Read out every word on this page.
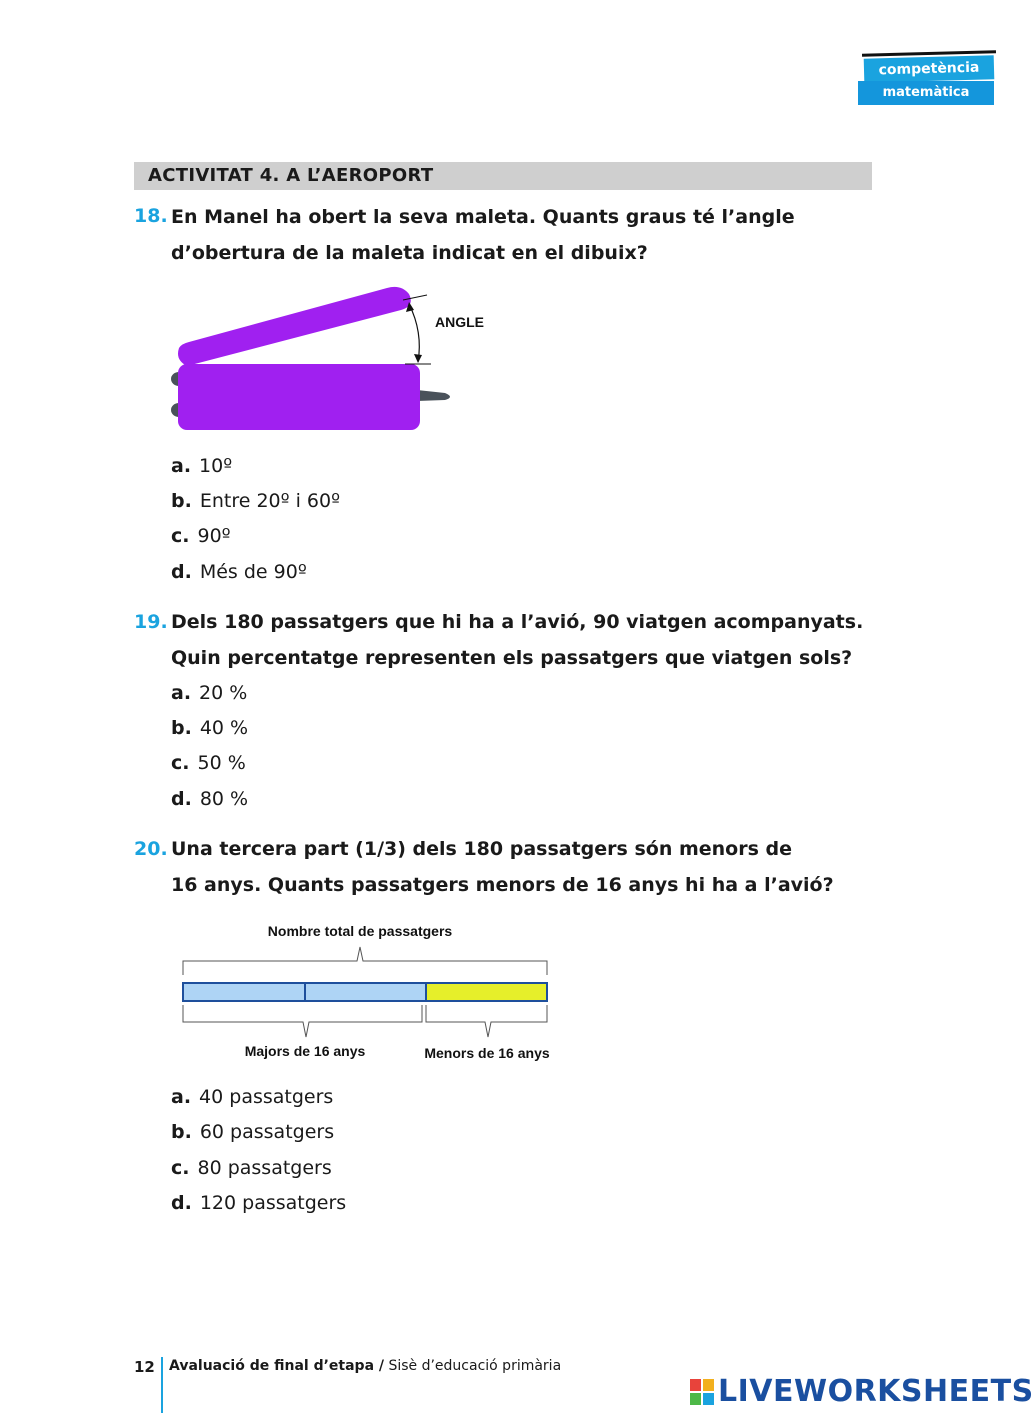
competència
matemàtica
ACTIVITAT 4. A L’AEROPORT
18. En Manel ha obert la seva maleta. Quants graus té l’angle
d’obertura de la maleta indicat en el dibuix?
ANGLE
a. 10º
b. Entre 20º i 60º
c. 90º
d. Més de 90º
19. Dels 180 passatgers que hi ha a l’avió, 90 viatgen acompanyats.
Quin percentatge representen els passatgers que viatgen sols?
a. 20 %
b. 40 %
c. 50 %
d. 80 %
20. Una tercera part (1/3) dels 180 passatgers són menors de
16 anys. Quants passatgers menors de 16 anys hi ha a l’avió?
Nombre total de passatgers
Majors de 16 anys	Menors de 16 anys
a. 40 passatgers
b. 60 passatgers
c. 80 passatgers
d. 120 passatgers
12 Avaluació de final d’etapa / Sisè d’educació primària
LIVEWORKSHEETS
